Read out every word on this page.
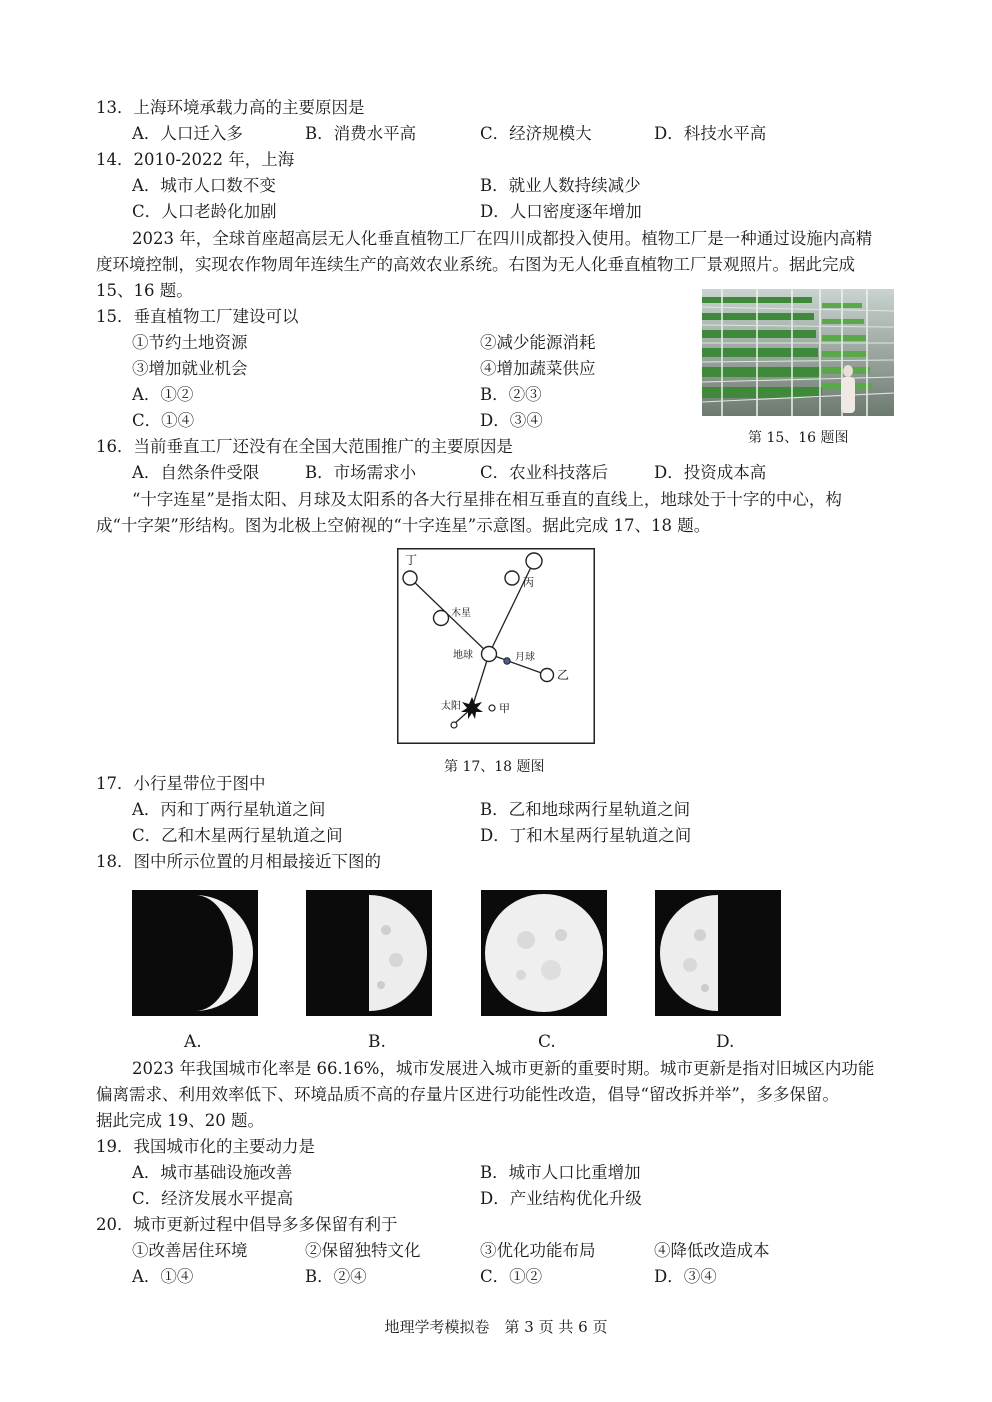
13．上海环境承载力高的主要原因是
A．人口迁入多	B．消费水平高	C．经济规模大	D．科技水平高
14．2010-2022 年，上海
A．城市人口数不变	B．就业人数持续减少
C．人口老龄化加剧	D．人口密度逐年增加
2023 年，全球首座超高层无人化垂直植物工厂在四川成都投入使用。植物工厂是一种通过设施内高精
度环境控制，实现农作物周年连续生产的高效农业系统。右图为无人化垂直植物工厂景观照片。据此完成
15、16 题。
第 15、16 题图
15．垂直植物工厂建设可以
①节约土地资源	②减少能源消耗
③增加就业机会	④增加蔬菜供应
A．①②	B．②③
C．①④	D．③④
16．当前垂直工厂还没有在全国大范围推广的主要原因是
A．自然条件受限	B．市场需求小	C．农业科技落后	D．投资成本高
“十字连星”是指太阳、月球及太阳系的各大行星排在相互垂直的直线上，地球处于十字的中心，构
成“十字架”形结构。图为北极上空俯视的“十字连星”示意图。据此完成 17、18 题。
丁
木星
丙
地球	月球
乙
太阳	甲
第 17、18 题图
17．小行星带位于图中
A．丙和丁两行星轨道之间	B．乙和地球两行星轨道之间
C．乙和木星两行星轨道之间	D．丁和木星两行星轨道之间
18．图中所示位置的月相最接近下图的
A.	B.	C.	D.
2023 年我国城市化率是 66.16%，城市发展进入城市更新的重要时期。城市更新是指对旧城区内功能
偏离需求、利用效率低下、环境品质不高的存量片区进行功能性改造，倡导“留改拆并举”，多多保留。
据此完成 19、20 题。
19．我国城市化的主要动力是
A．城市基础设施改善	B．城市人口比重增加
C．经济发展水平提高	D．产业结构优化升级
20．城市更新过程中倡导多多保留有利于
①改善居住环境	②保留独特文化	③优化功能布局	④降低改造成本
A．①④	B．②④	C．①②	D．③④
地理学考模拟卷　第 3 页 共 6 页
